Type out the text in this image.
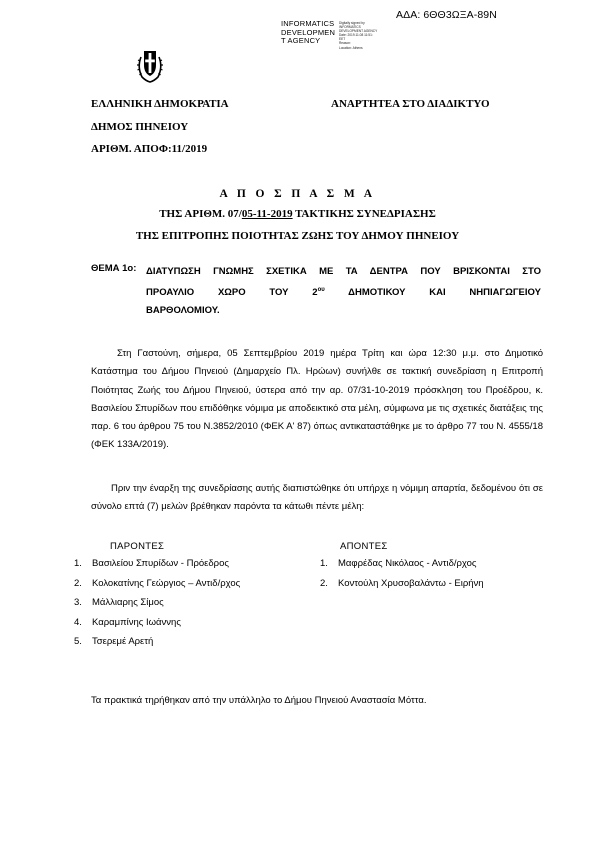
ΑΔΑ: 6ΘΘ3ΩΞΑ-89Ν
INFORMATICS
DEVELOPMEN
T AGENCY
Digitally signed by
INFORMATICS
DEVELOPMENT AGENCY
Date: 2019.11.08 11:51:
EET
Reason:
Location: Athens
ΕΛΛΗΝΙΚΗ ΔΗΜΟΚΡΑΤΙΑ
ΔΗΜΟΣ ΠΗΝΕΙΟΥ
ΑΡΙΘΜ. ΑΠΟΦ:11/2019
ΑΝΑΡΤΗΤΕΑ ΣΤΟ ΔΙΑΔΙΚΤΥΟ
Α Π Ο Σ Π Α Σ Μ Α
ΤΗΣ ΑΡΙΘΜ. 07/05-11-2019 ΤΑΚΤΙΚΗΣ ΣΥΝΕΔΡΙΑΣΗΣ
ΤΗΣ ΕΠΙΤΡΟΠΗΣ ΠΟΙΟΤΗΤΑΣ ΖΩΗΣ ΤΟΥ ΔΗΜΟΥ ΠΗΝΕΙΟΥ
ΘΕΜΑ 1ο: ΔΙΑΤΥΠΩΣΗ ΓΝΩΜΗΣ ΣΧΕΤΙΚΑ ΜΕ ΤΑ ΔΕΝΤΡΑ ΠΟΥ ΒΡΙΣΚΟΝΤΑΙ ΣΤΟ
ΠΡΟΑΥΛΙΟ ΧΩΡΟ ΤΟΥ $2^{o\upsilon}$ ΔΗΜΟΤΙΚΟΥ ΚΑΙ ΝΗΠΙΑΓΩΓΕΙΟΥ
ΒΑΡΘΟΛΟΜΙΟΥ.
Στη Γαστούνη, σήμερα, 05 Σεπτεμβρίου 2019 ημέρα Τρίτη και ώρα 12:30 μ.μ. στο Δημοτικό Κατάστημα του Δήμου Πηνειού (Δημαρχείο Πλ. Ηρώων) συνήλθε σε τακτική συνεδρίαση η Επιτροπή Ποιότητας Ζωής του Δήμου Πηνειού, ύστερα από την αρ. 07/31-10-2019 πρόσκληση του Προέδρου, κ. Βασιλείου Σπυρίδων που επιδόθηκε νόμιμα με αποδεικτικό στα μέλη, σύμφωνα με τις σχετικές διατάξεις της παρ. 6 του άρθρου 75 του Ν.3852/2010 (ΦΕΚ Α' 87) όπως αντικαταστάθηκε με το άρθρο 77 του Ν. 4555/18 (ΦΕΚ 133Α/2019).
Πριν την έναρξη της συνεδρίασης αυτής διαπιστώθηκε ότι υπήρχε η νόμιμη απαρτία, δεδομένου ότι σε σύνολο επτά (7) μελών βρέθηκαν παρόντα τα κάτωθι πέντε μέλη:
ΠΑΡΟΝΤΕΣ	ΑΠΟΝΤΕΣ
1. Βασιλείου Σπυρίδων - Πρόεδρος
2. Κολοκατίνης Γεώργιος – Αντιδ/ρχος
3. Μάλλιαρης Σίμος
4. Καραμπίνης Ιωάννης
5. Τσερεμέ Αρετή
1. Μαφρέδας Νικόλαος - Αντιδ/ρχος
2. Κοντούλη Χρυσοβαλάντω - Ειρήνη
Τα πρακτικά τηρήθηκαν από την υπάλληλο το Δήμου Πηνειού Αναστασία Μόττα.
